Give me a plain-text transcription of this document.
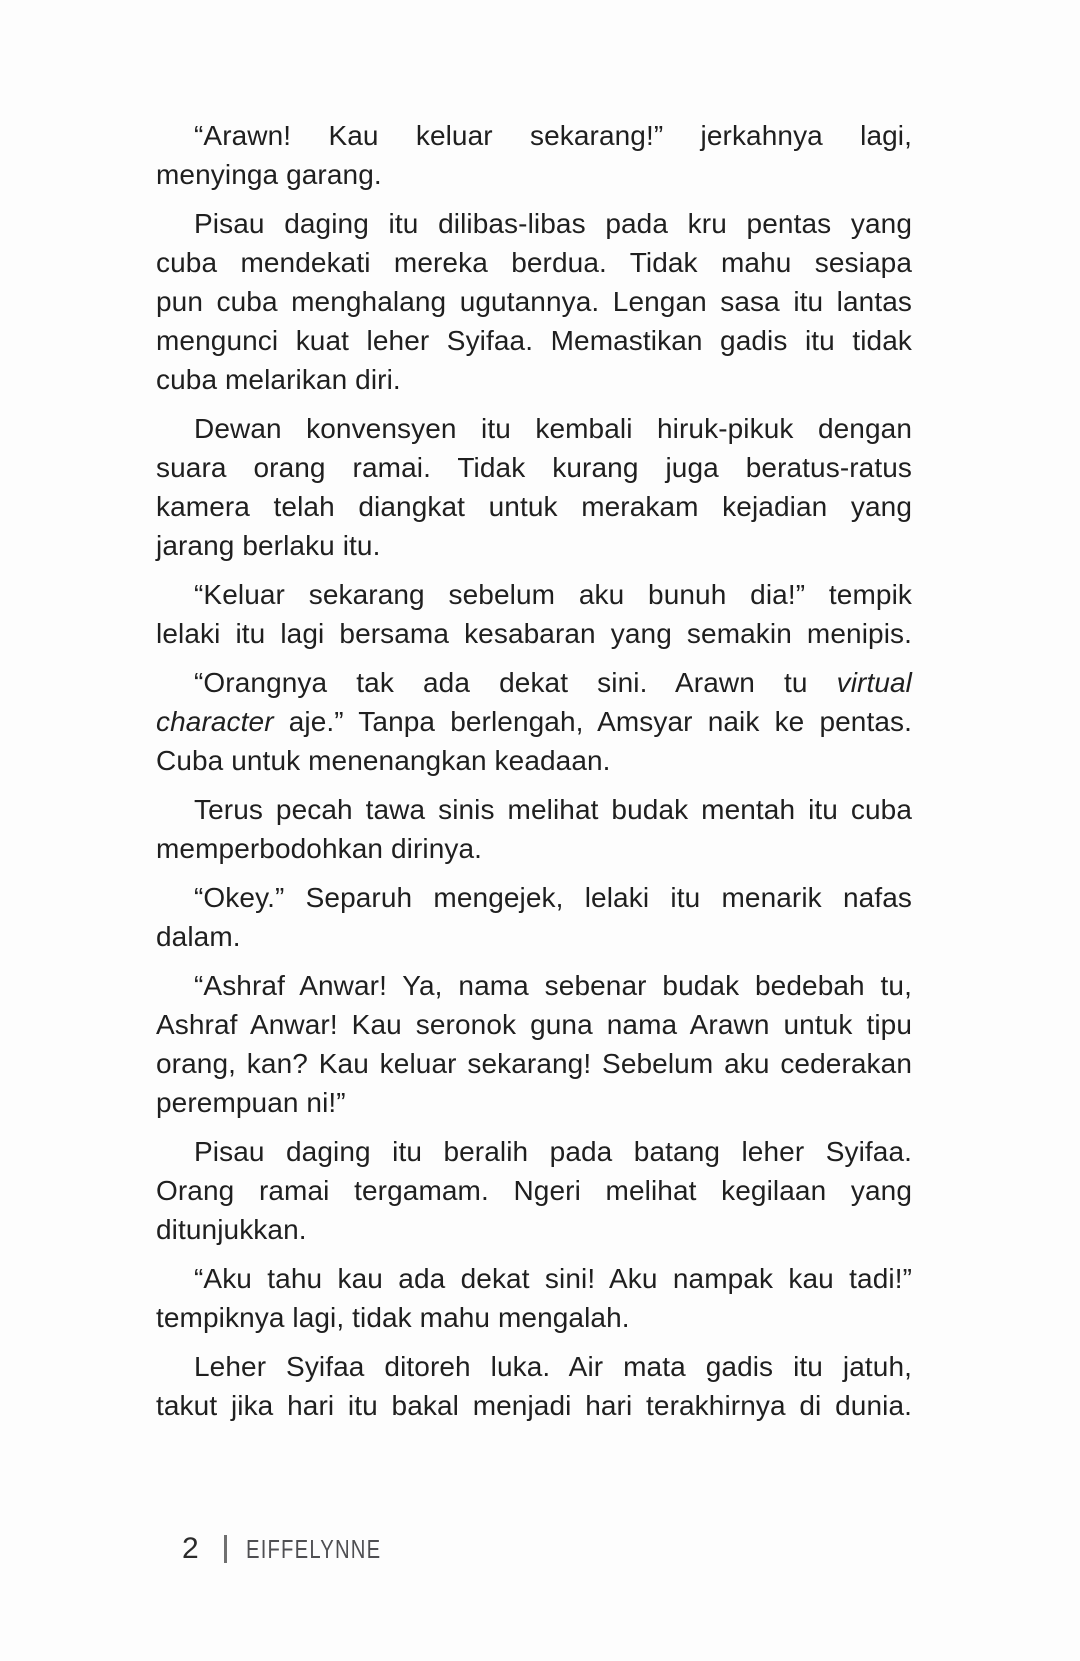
“Arawn! Kau keluar sekarang!” jerkahnya lagi,
menyinga garang.
Pisau daging itu dilibas-libas pada kru pentas yang
cuba mendekati mereka berdua. Tidak mahu sesiapa
pun cuba menghalang ugutannya. Lengan sasa itu lantas
mengunci kuat leher Syifaa. Memastikan gadis itu tidak
cuba melarikan diri.
Dewan konvensyen itu kembali hiruk-pikuk dengan
suara orang ramai. Tidak kurang juga beratus-ratus
kamera telah diangkat untuk merakam kejadian yang
jarang berlaku itu.
“Keluar sekarang sebelum aku bunuh dia!” tempik
lelaki itu lagi bersama kesabaran yang semakin menipis.
“Orangnya tak ada dekat sini. Arawn tu virtual
character aje.” Tanpa berlengah, Amsyar naik ke pentas.
Cuba untuk menenangkan keadaan.
Terus pecah tawa sinis melihat budak mentah itu cuba
memperbodohkan dirinya.
“Okey.” Separuh mengejek, lelaki itu menarik nafas
dalam.
“Ashraf Anwar! Ya, nama sebenar budak bedebah tu,
Ashraf Anwar! Kau seronok guna nama Arawn untuk tipu
orang, kan? Kau keluar sekarang! Sebelum aku cederakan
perempuan ni!”
Pisau daging itu beralih pada batang leher Syifaa.
Orang ramai tergamam. Ngeri melihat kegilaan yang
ditunjukkan.
“Aku tahu kau ada dekat sini! Aku nampak kau tadi!”
tempiknya lagi, tidak mahu mengalah.
Leher Syifaa ditoreh luka. Air mata gadis itu jatuh,
takut jika hari itu bakal menjadi hari terakhirnya di dunia.
2 EIFFELYNNE
